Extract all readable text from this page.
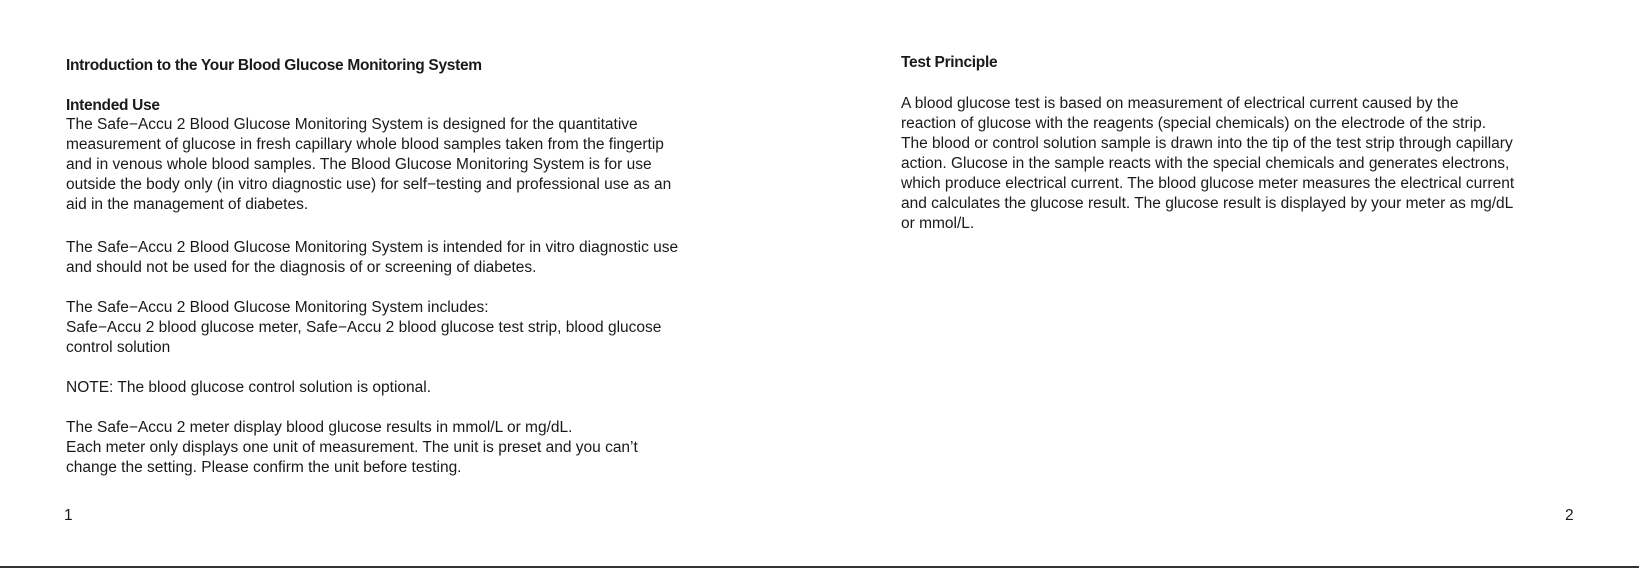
Introduction to the Your Blood Glucose Monitoring System
Intended Use

The Safe−Accu 2 Blood Glucose Monitoring System is designed for the quantitative
measurement of glucose in fresh capillary whole blood samples taken from the fingertip
and in venous whole blood samples. The Blood Glucose Monitoring System is for use
outside the body only (in vitro diagnostic use) for self−testing and professional use as an
aid in the management of diabetes.

The Safe−Accu 2 Blood Glucose Monitoring System is intended for in vitro diagnostic use
and should not be used for the diagnosis of or screening of diabetes.

The Safe−Accu 2 Blood Glucose Monitoring System includes:
Safe−Accu 2 blood glucose meter, Safe−Accu 2 blood glucose test strip, blood glucose
control solution

NOTE: The blood glucose control solution is optional.

The Safe−Accu 2 meter display blood glucose results in mmol/L or mg/dL.
Each meter only displays one unit of measurement. The unit is preset and you can’t
change the setting. Please confirm the unit before testing.

1
Test Principle

A blood glucose test is based on measurement of electrical current caused by the
reaction of glucose with the reagents (special chemicals) on the electrode of the strip.
The blood or control solution sample is drawn into the tip of the test strip through capillary
action. Glucose in the sample reacts with the special chemicals and generates electrons,
which produce electrical current. The blood glucose meter measures the electrical current
and calculates the glucose result. The glucose result is displayed by your meter as mg/dL
or mmol/L.

2
